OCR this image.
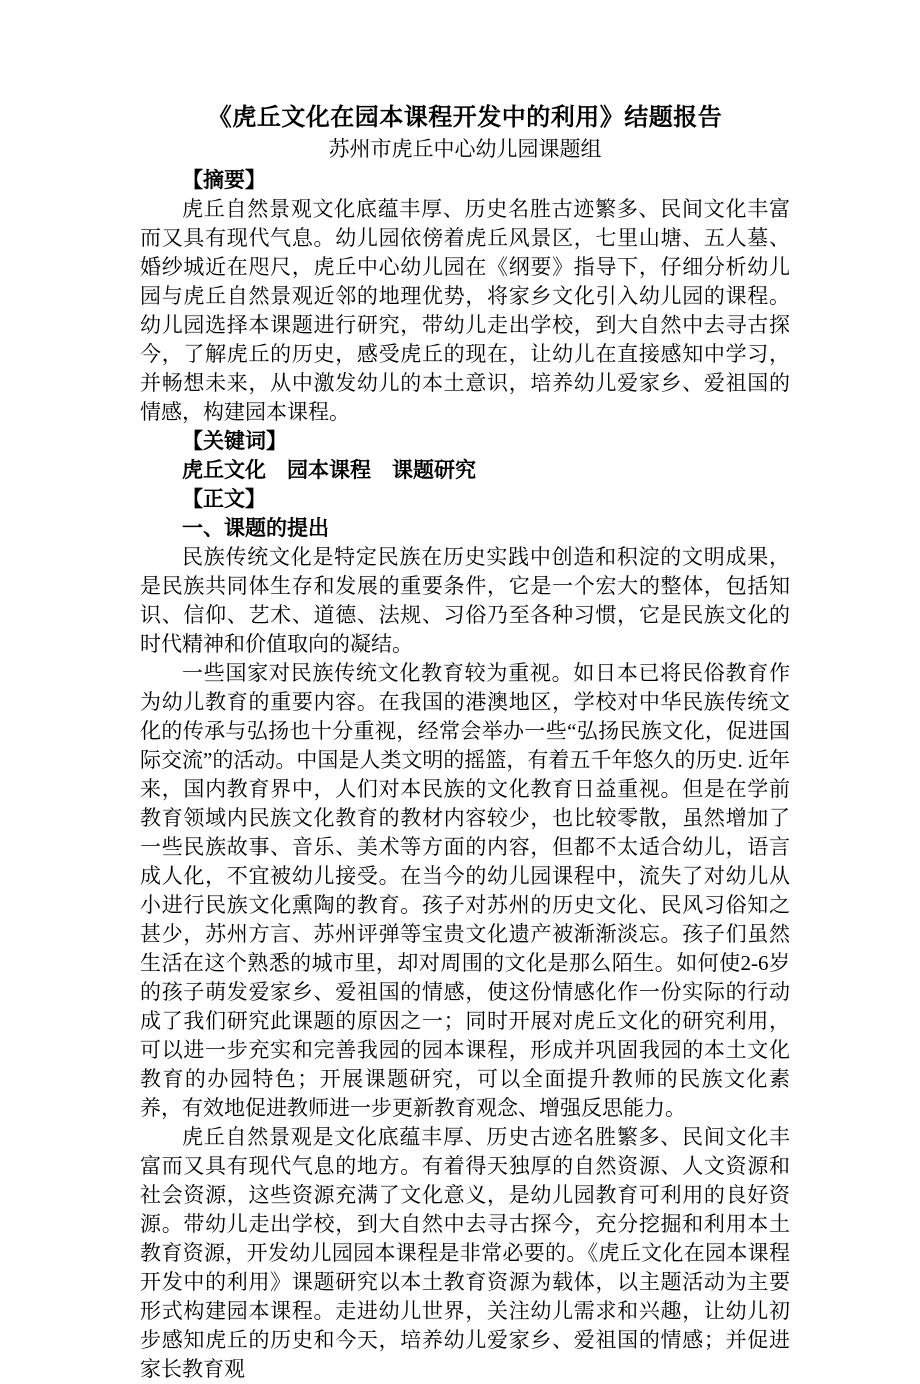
《虎丘文化在园本课程开发中的利用》结题报告
苏州市虎丘中心幼儿园课题组

【摘要】

虎丘自然景观文化底蕴丰厚、历史名胜古迹繁多、民间文化丰富而又具有现代气息。幼儿园依傍着虎丘风景区，七里山塘、五人墓、婚纱城近在咫尺，虎丘中心幼儿园在《纲要》指导下，仔细分析幼儿园与虎丘自然景观近邻的地理优势，将家乡文化引入幼儿园的课程。幼儿园选择本课题进行研究，带幼儿走出学校，到大自然中去寻古探今，了解虎丘的历史，感受虎丘的现在，让幼儿在直接感知中学习，并畅想未来，从中激发幼儿的本土意识，培养幼儿爱家乡、爱祖国的情感，构建园本课程。

【关键词】

虎丘文化　园本课程　课题研究

【正文】

一、课题的提出

民族传统文化是特定民族在历史实践中创造和积淀的文明成果，是民族共同体生存和发展的重要条件，它是一个宏大的整体，包括知识、信仰、艺术、道德、法规、习俗乃至各种习惯，它是民族文化的时代精神和价值取向的凝结。

一些国家对民族传统文化教育较为重视。如日本已将民俗教育作为幼儿教育的重要内容。在我国的港澳地区，学校对中华民族传统文化的传承与弘扬也十分重视，经常会举办一些“弘扬民族文化，促进国际交流”的活动。中国是人类文明的摇篮，有着五千年悠久的历史. 近年来，国内教育界中，人们对本民族的文化教育日益重视。但是在学前教育领域内民族文化教育的教材内容较少，也比较零散，虽然增加了一些民族故事、音乐、美术等方面的内容，但都不太适合幼儿，语言成人化，不宜被幼儿接受。在当今的幼儿园课程中，流失了对幼儿从小进行民族文化熏陶的教育。孩子对苏州的历史文化、民风习俗知之甚少，苏州方言、苏州评弹等宝贵文化遗产被渐渐淡忘。孩子们虽然生活在这个熟悉的城市里，却对周围的文化是那么陌生。如何使2-6岁的孩子萌发爱家乡、爱祖国的情感，使这份情感化作一份实际的行动成了我们研究此课题的原因之一；同时开展对虎丘文化的研究利用，可以进一步充实和完善我园的园本课程，形成并巩固我园的本土文化教育的办园特色；开展课题研究，可以全面提升教师的民族文化素养，有效地促进教师进一步更新教育观念、增强反思能力。

虎丘自然景观是文化底蕴丰厚、历史古迹名胜繁多、民间文化丰富而又具有现代气息的地方。有着得天独厚的自然资源、人文资源和社会资源，这些资源充满了文化意义，是幼儿园教育可利用的良好资源。带幼儿走出学校，到大自然中去寻古探今，充分挖掘和利用本土教育资源，开发幼儿园园本课程是非常必要的。《虎丘文化在园本课程开发中的利用》课题研究以本土教育资源为载体，以主题活动为主要形式构建园本课程。走进幼儿世界，关注幼儿需求和兴趣，让幼儿初步感知虎丘的历史和今天，培养幼儿爱家乡、爱祖国的情感；并促进家长教育观
